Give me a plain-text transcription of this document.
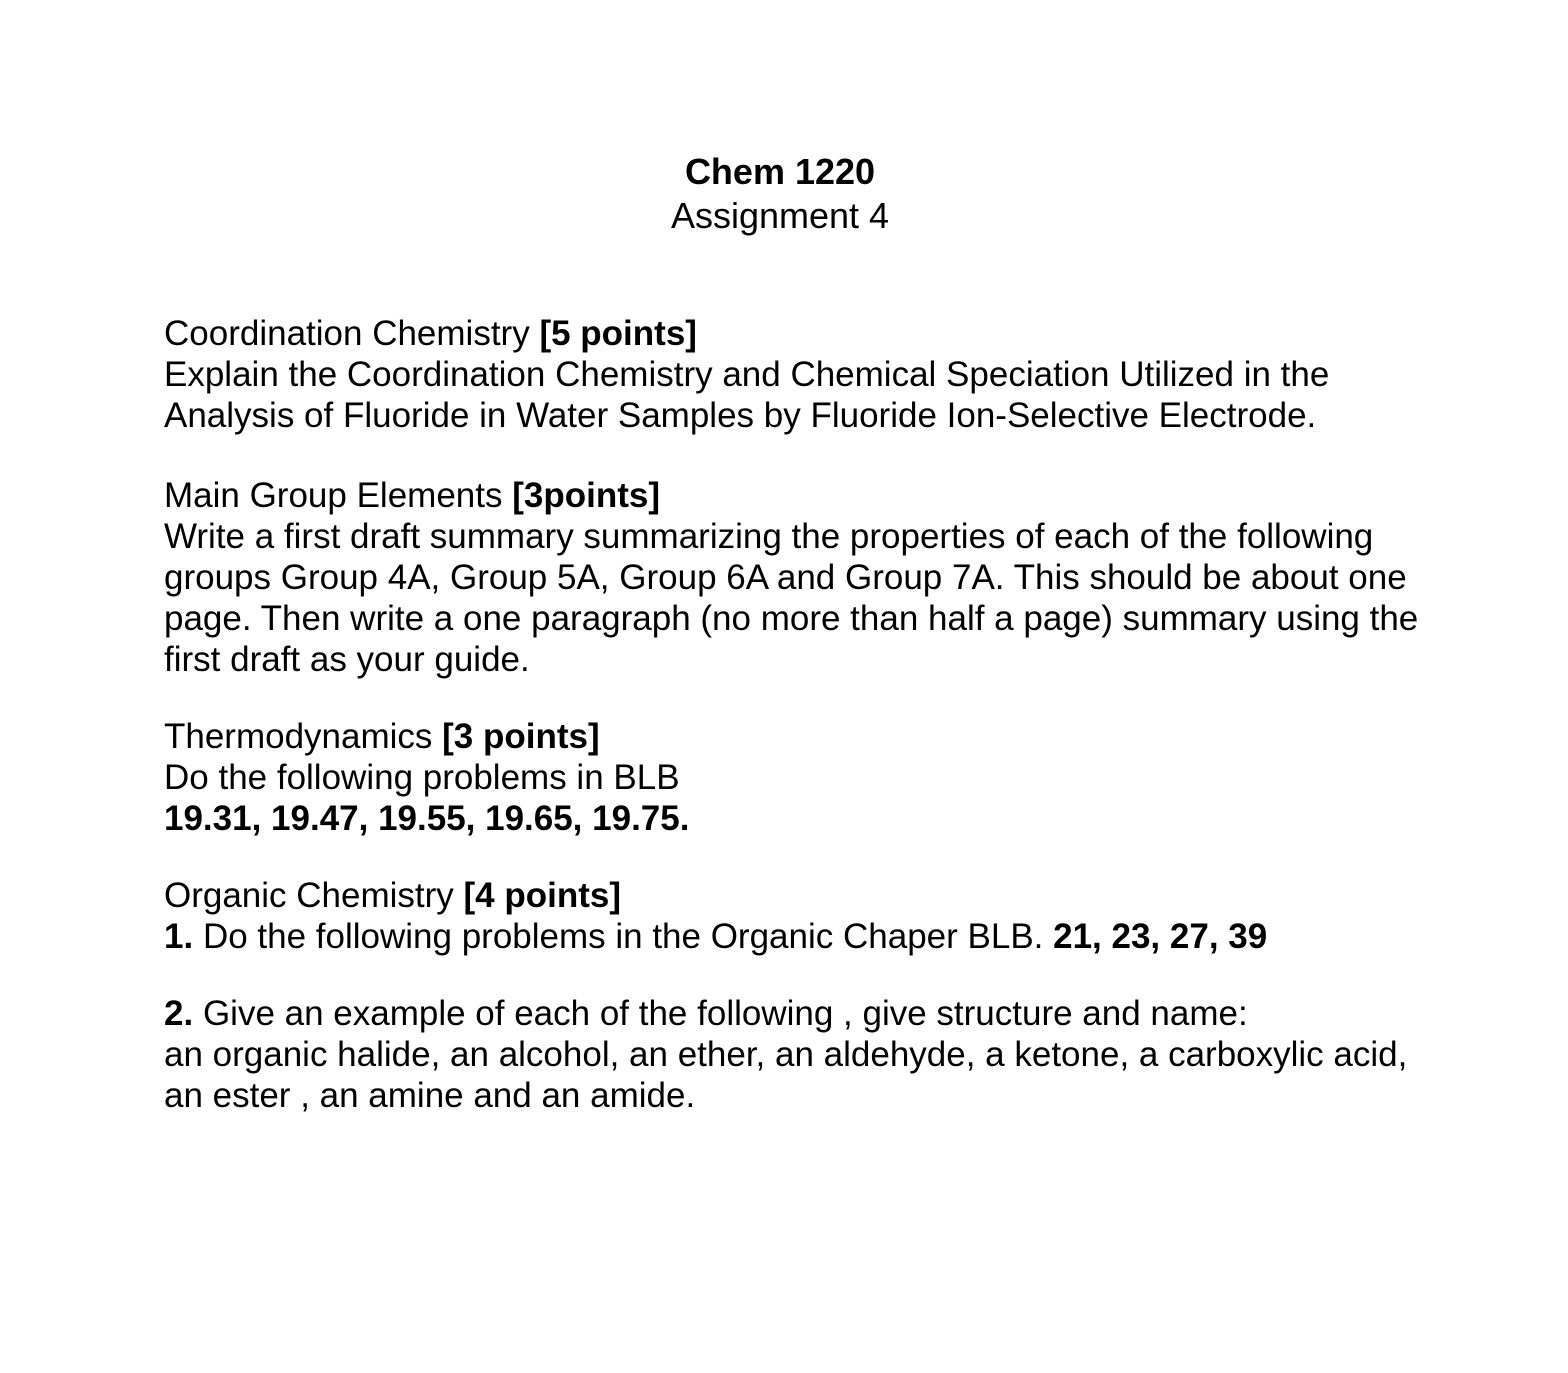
Chem 1220
Assignment 4

Coordination Chemistry [5 points]

Explain the Coordination Chemistry and Chemical Speciation Utilized in the Analysis of Fluoride in Water Samples by Fluoride Ion-Selective Electrode.

Main Group Elements [3points]

Write a first draft summary summarizing the properties of each of the following groups Group 4A, Group 5A, Group 6A and Group 7A. This should be about one page. Then write a one paragraph (no more than half a page) summary using the first draft as your guide.

Thermodynamics [3 points]

Do the following problems in BLB

19.31, 19.47, 19.55, 19.65, 19.75.

Organic Chemistry [4 points]

1. Do the following problems in the Organic Chaper BLB. 21, 23, 27, 39

2. Give an example of each of the following , give structure and name:

an organic halide, an alcohol, an ether, an aldehyde, a ketone, a carboxylic acid, an ester , an amine and an amide.
